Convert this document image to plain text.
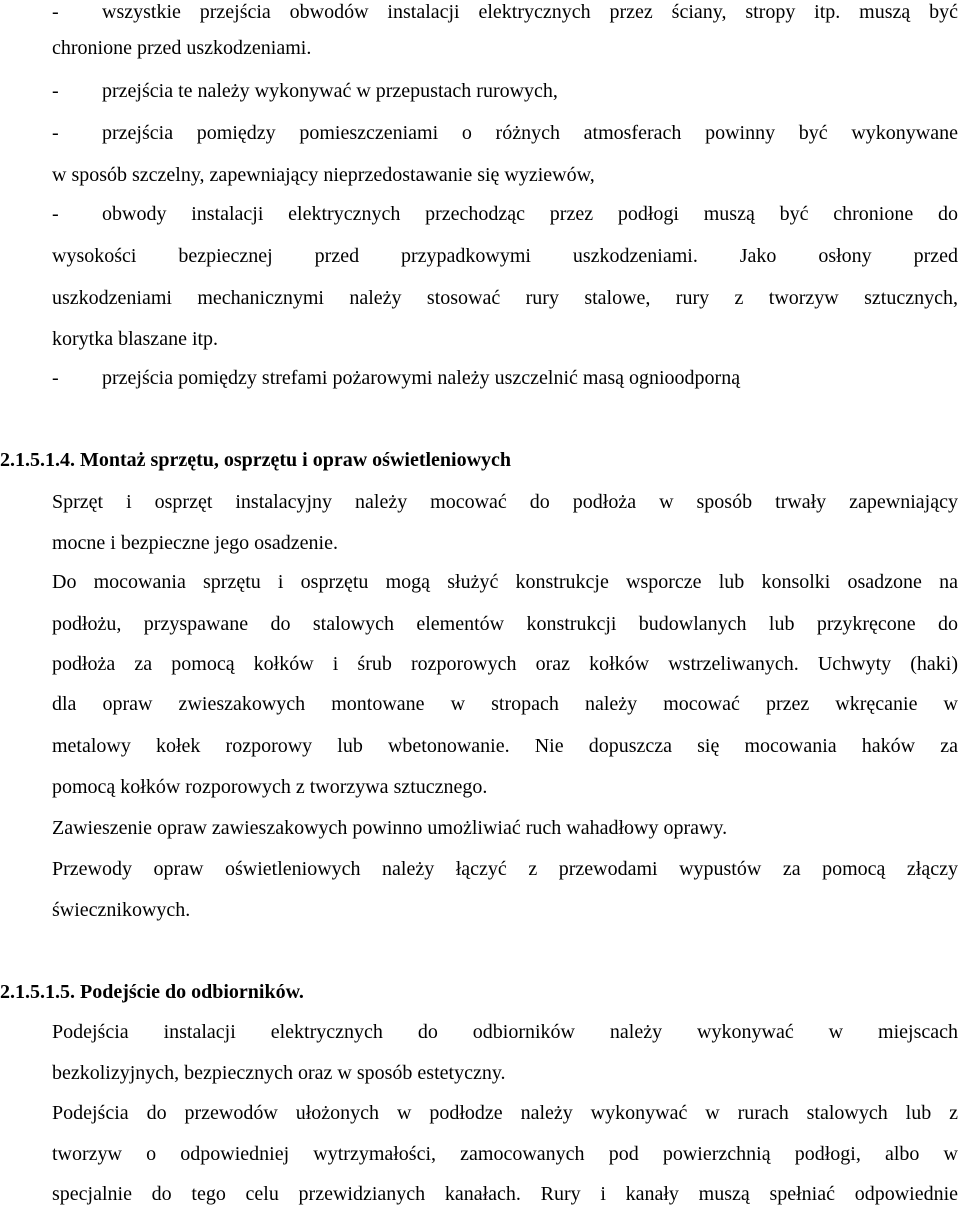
- wszystkie przejścia obwodów instalacji elektrycznych przez ściany, stropy itp. muszą być
chronione przed uszkodzeniami.
- przejścia te należy wykonywać w przepustach rurowych,
- przejścia pomiędzy pomieszczeniami o różnych atmosferach powinny być wykonywane
w sposób szczelny, zapewniający nieprzedostawanie się wyziewów,
- obwody instalacji elektrycznych przechodząc przez podłogi muszą być chronione do
wysokości bezpiecznej przed przypadkowymi uszkodzeniami. Jako osłony przed
uszkodzeniami mechanicznymi należy stosować rury stalowe, rury z tworzyw sztucznych,
korytka blaszane itp.
- przejścia pomiędzy strefami pożarowymi należy uszczelnić masą ognioodporną
2.1.5.1.4. Montaż sprzętu, osprzętu i opraw oświetleniowych
Sprzęt i osprzęt instalacyjny należy mocować do podłoża w sposób trwały zapewniający
mocne i bezpieczne jego osadzenie.
Do mocowania sprzętu i osprzętu mogą służyć konstrukcje wsporcze lub konsolki osadzone na
podłożu, przyspawane do stalowych elementów konstrukcji budowlanych lub przykręcone do
podłoża za pomocą kołków i śrub rozporowych oraz kołków wstrzeliwanych. Uchwyty (haki)
dla opraw zwieszakowych montowane w stropach należy mocować przez wkręcanie w
metalowy kołek rozporowy lub wbetonowanie. Nie dopuszcza się mocowania haków za
pomocą kołków rozporowych z tworzywa sztucznego.
Zawieszenie opraw zawieszakowych powinno umożliwiać ruch wahadłowy oprawy.
Przewody opraw oświetleniowych należy łączyć z przewodami wypustów za pomocą złączy
świecznikowych.
2.1.5.1.5. Podejście do odbiorników.
Podejścia instalacji elektrycznych do odbiorników należy wykonywać w miejscach
bezkolizyjnych, bezpiecznych oraz w sposób estetyczny.
Podejścia do przewodów ułożonych w podłodze należy wykonywać w rurach stalowych lub z
tworzyw o odpowiedniej wytrzymałości, zamocowanych pod powierzchnią podłogi, albo w
specjalnie do tego celu przewidzianych kanałach. Rury i kanały muszą spełniać odpowiednie
